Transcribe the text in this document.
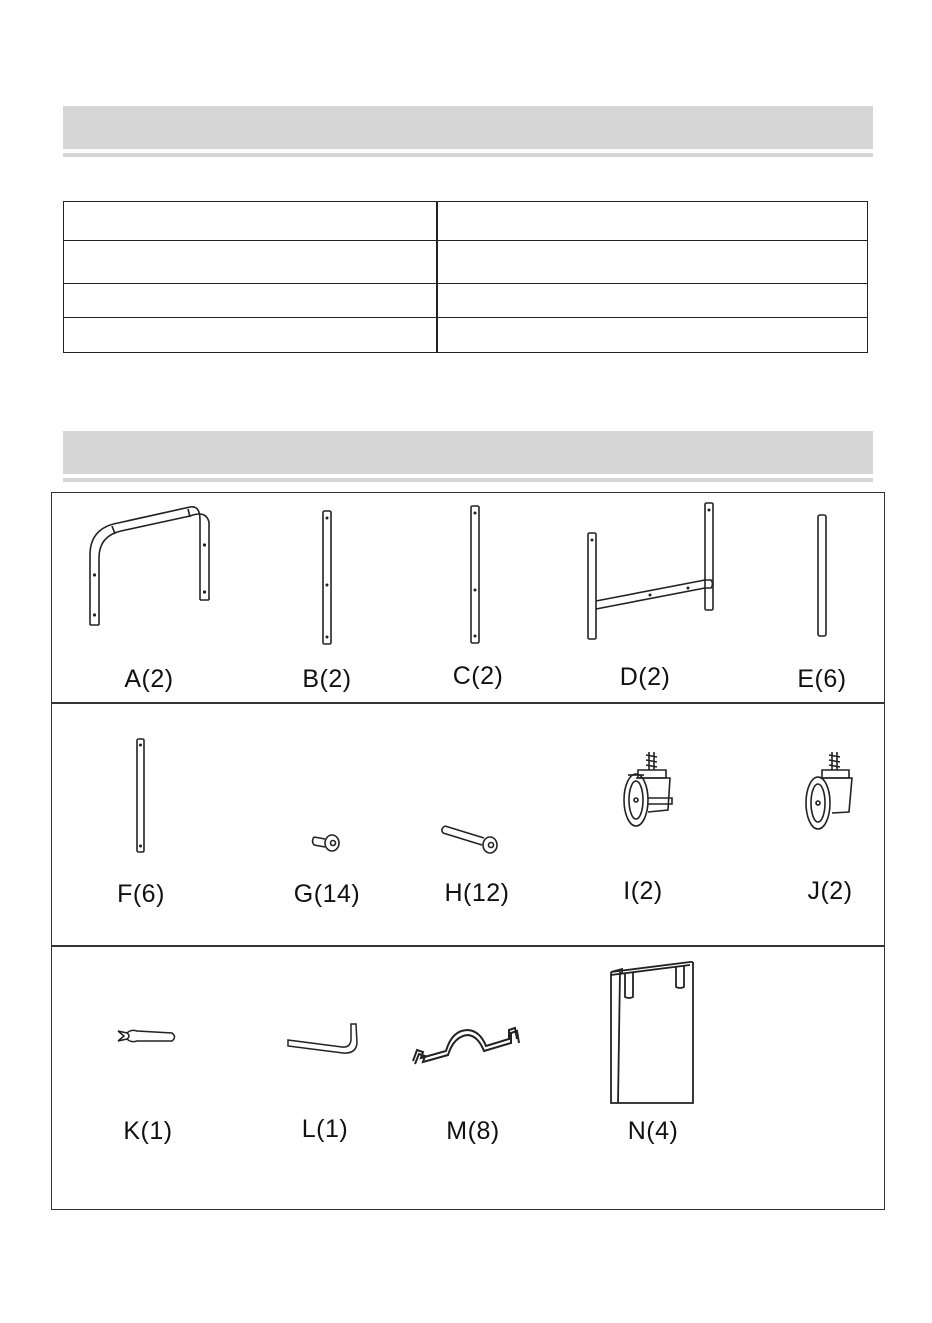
A(2)	B(2)	C(2)	D(2)	E(6)
F(6)	G(14)	H(12)	I(2)	J(2)
K(1)	L(1)	M(8)	N(4)
